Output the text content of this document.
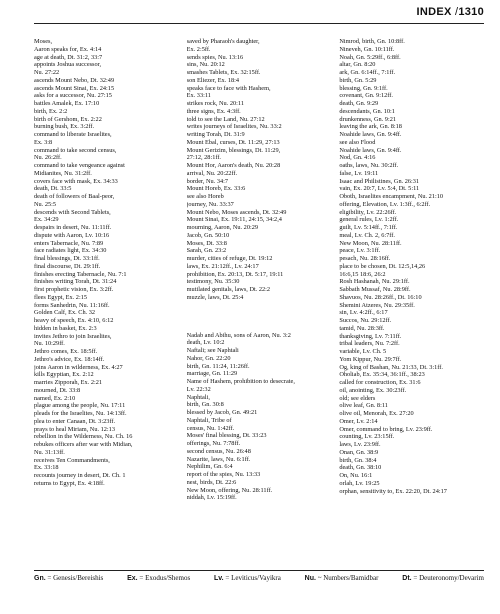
INDEX /1310
Moses,
Aaron speaks for, Ex. 4:14
age at death, Dt. 31:2, 33:7
appoints Joshua successor,
Nu. 27:22
ascends Mount Nebo, Dt. 32:49
ascends Mount Sinai, Ex. 24:15
asks for a successor, Nu. 27:15
battles Amalek, Ex. 17:10
birth, Ex. 2:2
birth of Gershom, Ex. 2:22
burning bush, Ex. 3:2ff.
command to liberate Israelites,
Ex. 3:8
command to take second census,
Nu. 26:2ff.
command to take vengeance against
Midianites, Nu. 31:2ff.
covers face with mask, Ex. 34:33
death, Dt. 33:5
death of followers of Baal-peor,
Nu. 25:5
descends with Second Tablets,
Ex. 34:29
despairs in desert, Nu. 11:11ff.
dispute with Aaron, Lv. 10:16
enters Tabernacle, Nu. 7:89
face radiates light, Ex. 34:30
final blessings, Dt. 33:1ff.
final discourse, Dt. 29:1ff.
finishes erecting Tabernacle, Nu. 7:1
finishes writing Torah, Dt. 31:24
first prophetic vision, Ex. 3:2ff.
flees Egypt, Ex. 2:15
forms Sanhedrin, Nu. 11:16ff.
Golden Calf, Ex. Ch. 32
heavy of speech, Ex. 4:10, 6:12
hidden in basket, Ex. 2:3
invites Jethro to join Israelites,
Nu. 10:29ff.
Jethro comes, Ex. 18:5ff.
Jethro's advice, Ex. 18:14ff.
joins Aaron in wilderness, Ex. 4:27
kills Egyptian, Ex. 2:12
marries Zipporah, Ex. 2:21
mourned, Dt. 33:8
named, Ex. 2:10
plague among the people, Nu. 17:11
pleads for the Israelites, Nu. 14:13ff.
plea to enter Canaan, Dt. 3:23ff.
prays to heal Miriam, Nu. 12:13
rebellion in the Wilderness, Nu. Ch. 16
rebukes officers after war with Midian,
Nu. 31:13ff.
receives Ten Commandments,
Ex. 33:18
recounts journey in desert, Dt. Ch. 1
returns to Egypt, Ex. 4:18ff.
saved by Pharaoh's daughter,
Ex. 2:5ff.
sends spies, Nu. 13:16
sins, Nu. 20:12
smashes Tablets, Ex. 32:15ff.
son Eliezer, Ex. 18:4
speaks face to face with Hashem,
Ex. 33:11
strikes rock, Nu. 20:11
three signs, Ex. 4:3ff.
told to see the Land, Nu. 27:12
writes journeys of Israelites, Nu. 33:2
writing Torah, Dt. 31:9
Mount Ebal, curses, Dt. 11:29, 27:13
Mount Gerizim, blessings, Dt. 11:29,
27:12, 28:1ff.
Mount Hor, Aaron's death, Nu. 20:28
arrival, Nu. 20:22ff.
border, Nu. 34:7
Mount Horeb, Ex. 33:6
see also Horeb
journey, Nu. 33:37
Mount Nebo, Moses ascends, Dt. 32:49
Mount Sinai, Ex. 19:11, 24:15, 34:2,4
mourning, Aaron, Nu. 20:29
Jacob, Gn. 50:10
Moses, Dt. 33:8
Sarah, Gn. 23:2
murder, cities of refuge, Dt. 19:12
laws, Ex. 21:12ff., Lv. 24:17
prohibition, Ex. 20:13, Dt. 5:17, 19:11
testimony, Nu. 35:30
mutilated genitals, laws, Dt. 22:2
muzzle, laws, Dt. 25:4
Nadab and Abihu, sons of Aaron, Nu. 3:2
death, Lv. 10:2
Naftali; see Naphtali
Nahor, Gn. 22:20
birth, Gn. 11:24, 11:26ff.
marriage, Gn. 11:29
Name of Hashem, prohibition to desecrate,
Lv. 22:32
Naphtali,
birth, Gn. 30:8
blessed by Jacob, Gn. 49:21
Naphtali, Tribe of
census, Nu. 1:42ff.
Moses' final blessing, Dt. 33:23
offerings, Nu. 7:78ff.
second census, Nu. 26:48
Nazarite, laws, Nu. 6:1ff.
Nephilim, Gn. 6:4
report of the spies, Nu. 13:33
nest, birds, Dt. 22:6
New Moon, offering, Nu. 28:11ff.
niddah, Lv. 15:19ff.
Nimrod, birth, Gn. 10:8ff.
Nineveh, Gn. 10:11ff.
Noah, Gn. 5:29ff., 6:8ff.
altar, Gn. 8:20
ark, Gn. 6:14ff., 7:1ff.
birth, Gn. 5:29
blessing, Gn. 9:1ff.
covenant, Gn. 9:12ff.
death, Gn. 9:29
descendants, Gn. 10:1
drunkenness, Gn. 9:21
leaving the ark, Gn. 8:18
Noahide laws, Gn. 9:4ff.
see also Flood
Noahide laws, Gn. 9:4ff.
Nod, Gn. 4:16
oaths, laws, Nu. 30:2ff.
false, Lv. 19:11
Isaac and Philistines, Gn. 26:31
vain, Ex. 20:7, Lv. 5:4, Dt. 5:11
Oboth, Israelites encampment, Nu. 21:10
offering, Elevation, Lv. 1:3ff., 6:2ff.
eligibility, Lv. 22:26ff.
general rules, Lv. 1:2ff.
guilt, Lv. 5:14ff., 7:1ff.
meal, Lv. Ch. 2, 6:7ff.
New Moon, Nu. 28:11ff.
peace, Lv. 3:1ff.
pesach, Nu. 28:16ff.
place to be chosen, Dt. 12:5,14,26
16:6,15 18:6, 26:2
Rosh Hashanah, Nu. 29:1ff.
Sabbath Mussaf, Nu. 28:9ff.
Shavuos, Nu. 28:26ff., Dt. 16:10
Shemini Atzeres, Nu. 29:35ff.
sin, Lv. 4:2ff., 6:17
Succos, Nu. 29:12ff.
tamid, Nu. 28:3ff.
thanksgiving, Lv. 7:11ff.
tribal leaders, Nu. 7:2ff.
variable, Lv. Ch. 5
Yom Kippur, Nu. 29:7ff.
Og, king of Bashan, Nu. 21:33, Dt. 3:1ff.
Oholiab, Ex. 35:34, 36:1ff., 38:23
called for construction, Ex. 31:6
oil, anointing, Ex. 30:23ff.
old; see elders
olive leaf, Gn. 8:11
olive oil, Menorah, Ex. 27:20
Omer, Lv. 2:14
Omer, command to bring, Lv. 23:9ff.
counting, Lv. 23:15ff.
laws, Lv. 23:9ff.
Onan, Gn. 38:9
birth, Gn. 38:4
death, Gn. 38:10
On, Nu. 16:1
orlah, Lv. 19:25
orphan, sensitivity to, Ex. 22:20, Dt. 24:17
Gn. = Genesis/Bereishis	Ex. = Exodus/Shemos	Lv. = Leviticus/Vayikra	Nu. ~ Numbers/Bamidbar	Dt. = Deuteronomy/Devarim
